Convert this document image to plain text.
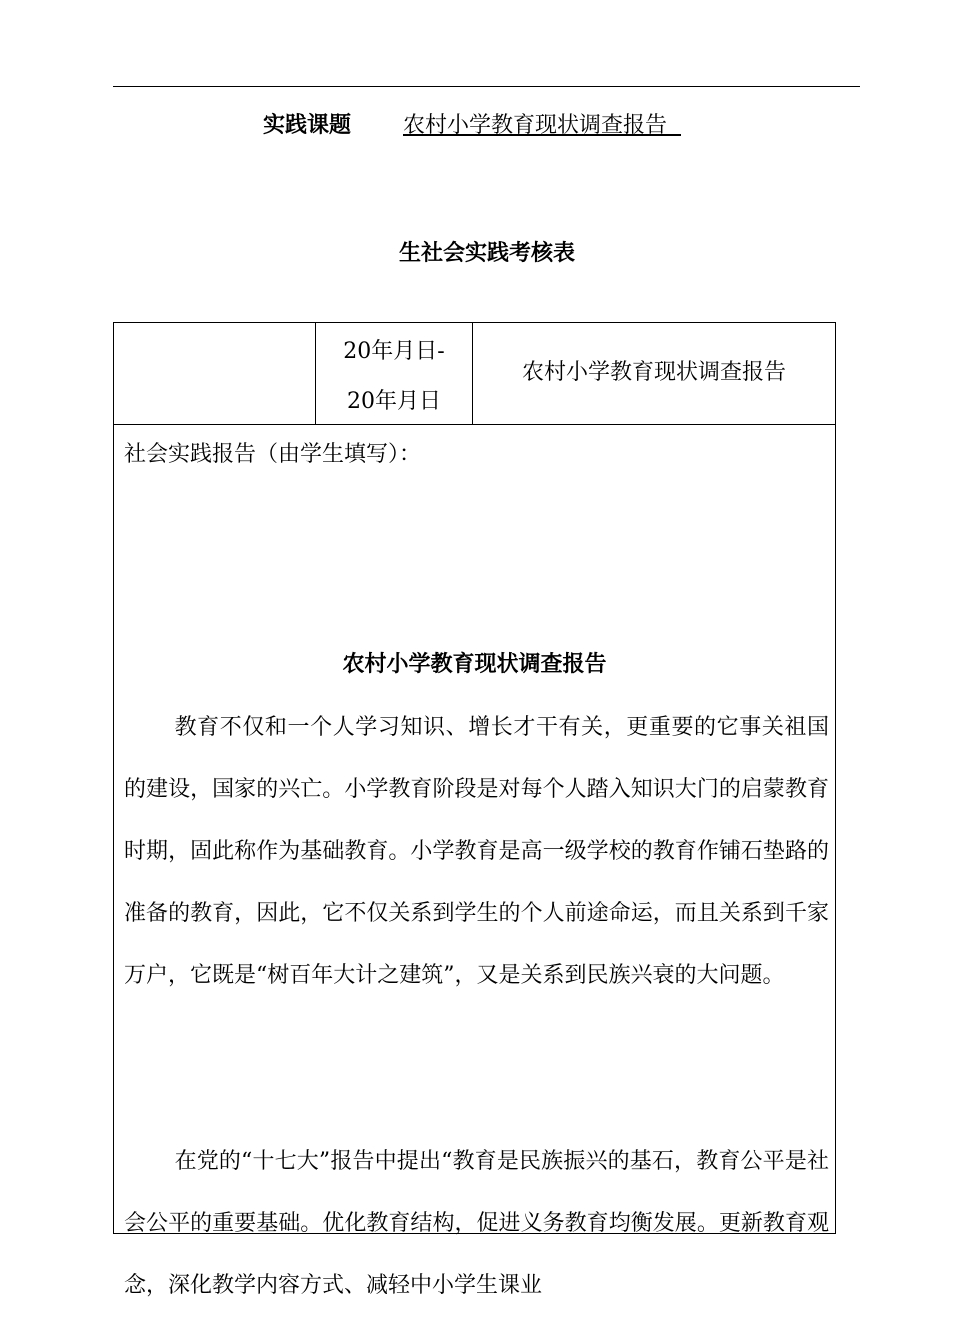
实践课题 农村小学教育现状调查报告
生社会实践考核表
20年月日-
20年月日
农村小学教育现状调查报告
社会实践报告（由学生填写）：
农村小学教育现状调查报告

教育不仅和一个人学习知识、增长才干有关，更重要的它事关祖国的建设，国家的兴亡。小学教育阶段是对每个人踏入知识大门的启蒙教育时期，固此称作为基础教育。小学教育是高一级学校的教育作铺石垫路的准备的教育，因此，它不仅关系到学生的个人前途命运，而且关系到千家万户，它既是“树百年大计之建筑”，又是关系到民族兴衰的大问题。

在党的“十七大”报告中提出“教育是民族振兴的基石，教育公平是社会公平的重要基础。优化教育结构，促进义务教育均衡发展。更新教育观念，深化教学内容方式、减轻中小学生课业
